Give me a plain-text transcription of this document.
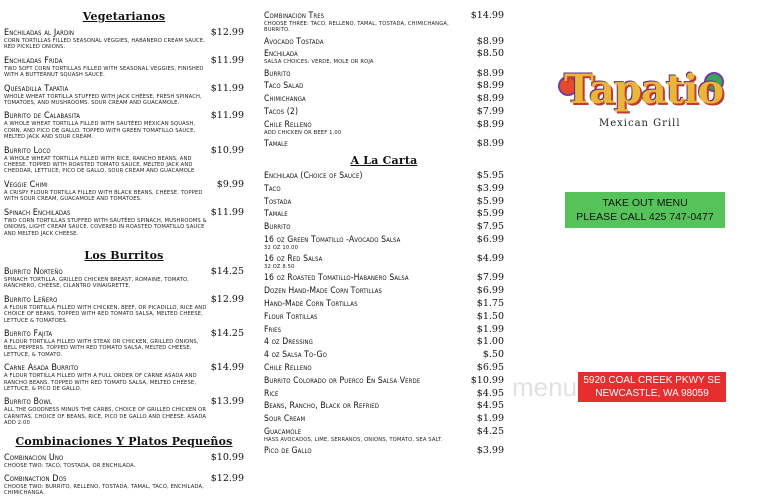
Vegetarianos
Enchiladas al Jardin	$12.99
CORN TORTILLAS FILLED SEASONAL VEGGIES, HABANERO CREAM SAUCE, RED PICKLED ONIONS.
Enchiladas Frida	$11.99
TWO SOFT CORN TORTILLAS FILLED WITH SEASONAL VEGGIES, FINISHED WITH A BUTTERNUT SQUASH SAUCE.
Quesadilla Tapatia	$11.99
WHOLE WHEAT TORTILLA STUFFED WITH JACK CHEESE, FRESH SPINACH, TOMATOES, AND MUSHROOMS. SOUR CREAM AND GUACAMOLE.
Burrito de Calabasita	$11.99
A WHOLE WHEAT TORTILLA FILLED WITH SAUTÉED MEXICAN SQUASH, CORN, AND PICO DE GALLO. TOPPED WITH GREEN TOMATILLO SAUCE, MELTED JACK AND SOUR CREAM.
Burrito Loco	$10.99
A WHOLE WHEAT TORTILLA FILLED WITH RICE, RANCHO BEANS, AND CHEESE. TOPPED WITH ROASTED TOMATO SAUCE, MELTED JACK AND CHEDDAR, LETTUCE, PICO DE GALLO, SOUR CREAM AND GUACAMOLE
Veggie Chimi	$9.99
A CRISPY FLOUR TORTILLA FILLED WITH BLACK BEANS, CHEESE. TOPPED WITH SOUR CREAM, GUACAMOLE AND TOMATOES.
Spinach Enchiladas	$11.99
TWO CORN TORTILLAS STUFFED WITH SAUTÉED SPINACH, MUSHROOMS & ONIONS, LIGHT CREAM SAUCE. COVERED IN ROASTED TOMATILLO SAUCE AND MELTED JACK CHEESE.
Los Burritos
Burrito Norteño	$14.25
SPINACH TORTILLA, GRILLED CHICKEN BREAST, ROMAINE, TOMATO, RANCHERO, CHEESE, CILANTRO VINAIGRETTE.
Burrito Leñero	$12.99
A FLOUR TORTILLA FILLED WITH CHICKEN, BEEF, OR PICADILLO, RICE AND CHOICE OF BEANS. TOPPED WITH RED TOMATO SALSA, MELTED CHEESE, LETTUCE & TOMATOES.
Burrito Fajita	$14.25
A FLOUR TORTILLA FILLED WITH STEAK OR CHICKEN, GRILLED ONIONS, BELL PEPPERS. TOPPED WITH RED TOMATO SALSA, MELTED CHEESE, LETTUCE, & TOMATO.
Carne Asada Burrito	$14.99
A FLOUR TORTILLA FILLED WITH A FULL ORDER OF CARNE ASADA AND RANCHO BEANS. TOPPED WITH RED TOMATO SALSA, MELTED CHEESE, LETTUCE, & PICO DE GALLO.
Burrito Bowl	$13.99
ALL THE GOODNESS MINUS THE CARBS, CHOICE OF GRILLED CHICKEN OR CARNITAS, CHOICE OF BEANS, RICE, PICO DE GALLO AND CHEESE. ASADA ADD 2.00
Combinaciones Y Platos Pequeños
Combinacion Uno	$10.99
CHOOSE TWO: TACO, TOSTADA, OR ENCHILADA.
Combinaction Dos	$12.99
CHOOSE TWO: BURRITO, RELLENO, TOSTADA, TAMAL, TACO, ENCHILADA, CHIMICHANGA.
Combinacion Tres	$14.99
CHOOSE THREE: TACO, RELLENO, TAMAL, TOSTADA, CHIMICHANGA, BURRITO.
Avocado Tostada	$8.99
Enchilada	$8.50
SALSA CHOICES: VERDE, MOLE OR ROJA
Burrito	$8.99
Taco Salad	$8.99
Chimichanga	$8.99
Tacos (2)	$7.99
Chile Relleno	$8.99
ADD CHICKEN OR BEEF 1.00
Tamale	$8.99
A La Carta
Enchilada (Choice of Sauce)	$5.95
Taco	$3.99
Tostada	$5.99
Tamale	$5.99
Burrito	$7.95
16 oz Green Tomatillo -Avocado Salsa	$6.99
32 OZ 10.00
16 oz Red Salsa	$4.99
32 OZ 8.50
16 oz Roasted Tomatillo-Habanero Salsa	$7.99
Dozen Hand-Made Corn Tortillas	$6.99
Hand-Made Corn Tortillas	$1.75
Flour Tortillas	$1.50
Fries	$1.99
4 oz Dressing	$1.00
4 oz Salsa To-Go	$.50
Chile Relleno	$6.95
Burrito Colorado or Puerco En Salsa Verde	$10.99
Rice	$4.95
Beans, Rancho, Black or Refried	$4.95
Sour Cream	$1.99
Guacamole	$4.25
HASS AVOCADOS, LIME, SERRANOS, ONIONS, TOMATO, SEA SALT.
Pico de Gallo	$3.99
Tapatio
Mexican Grill
TAKE OUT MENU
PLEASE CALL 425 747-0477
menu 5920 COAL CREEK PKWY SE
NEWCASTLE, WA 98059
